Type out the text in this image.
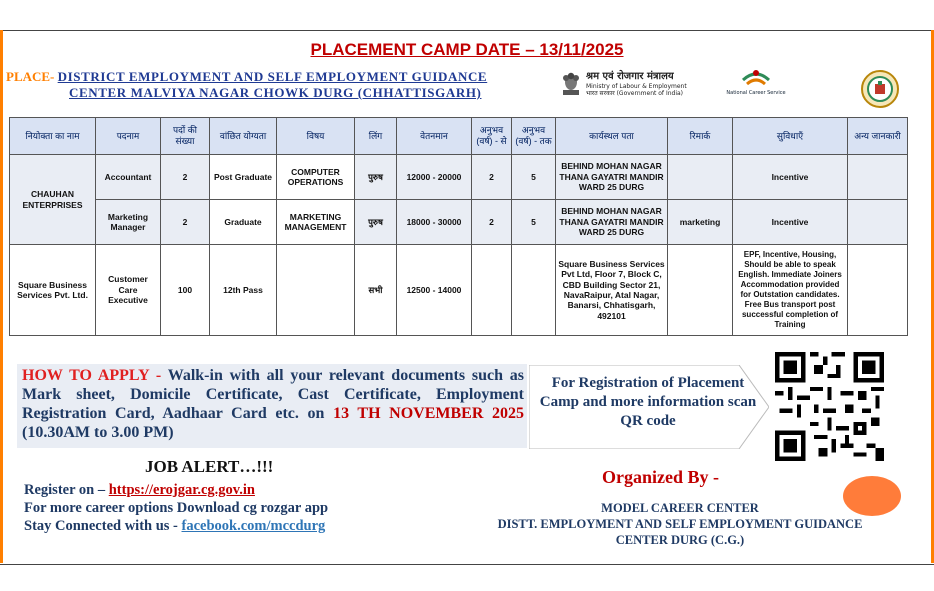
PLACEMENT CAMP DATE – 13/11/2025
PLACE- DISTRICT EMPLOYMENT AND SELF EMPLOYMENT GUIDANCE
CENTER MALVIYA NAGAR CHOWK DURG (CHHATTISGARH)
श्रम एवं रोजगार मंत्रालय
Ministry of Labour & Employment
भारत सरकार (Government of India)	National Career Service
नियोक्ता का नाम	पदनाम	पदों की संख्या	वांछित योग्यता	विषय	लिंग	वेतनमान	अनुभव (वर्ष) - से	अनुभव (वर्ष) - तक	कार्यस्थल पता	रिमार्क	सुविधाएँ	अन्य जानकारी
CHAUHAN ENTERPRISES	Accountant	2	Post Graduate	COMPUTER OPERATIONS	पुरुष	12000 - 20000	2	5	BEHIND MOHAN NAGAR THANA GAYATRI MANDIR WARD 25 DURG		Incentive	
	Marketing Manager	2	Graduate	MARKETING MANAGEMENT	पुरुष	18000 - 30000	2	5	BEHIND MOHAN NAGAR THANA GAYATRI MANDIR WARD 25 DURG	marketing	Incentive	
Square Business Services Pvt. Ltd.	Customer Care Executive	100	12th Pass		सभी	12500 - 14000			Square Business Services Pvt Ltd, Floor 7, Block C, CBD Building Sector 21, NavaRaipur, Atal Nagar, Banarsi, Chhatisgarh, 492101		EPF, Incentive, Housing, Should be able to speak English. Immediate Joiners Accommodation provided for Outstation candidates. Free Bus transport post successful completion of Training	
HOW TO APPLY - Walk-in with all your relevant documents such as Mark sheet, Domicile Certificate, Cast Certificate, Employment Registration Card, Aadhaar Card etc. on 13 TH NOVEMBER 2025 (10.30AM to 3.00 PM)
For Registration of Placement Camp and more information scan QR code
JOB ALERT…!!!
Register on – https://erojgar.cg.gov.in
For more career options Download cg rozgar app
Stay Connected with us - facebook.com/mccdurg
Organized By -
MODEL CAREER CENTER
DISTT. EMPLOYMENT AND SELF EMPLOYMENT GUIDANCE
CENTER DURG (C.G.)
